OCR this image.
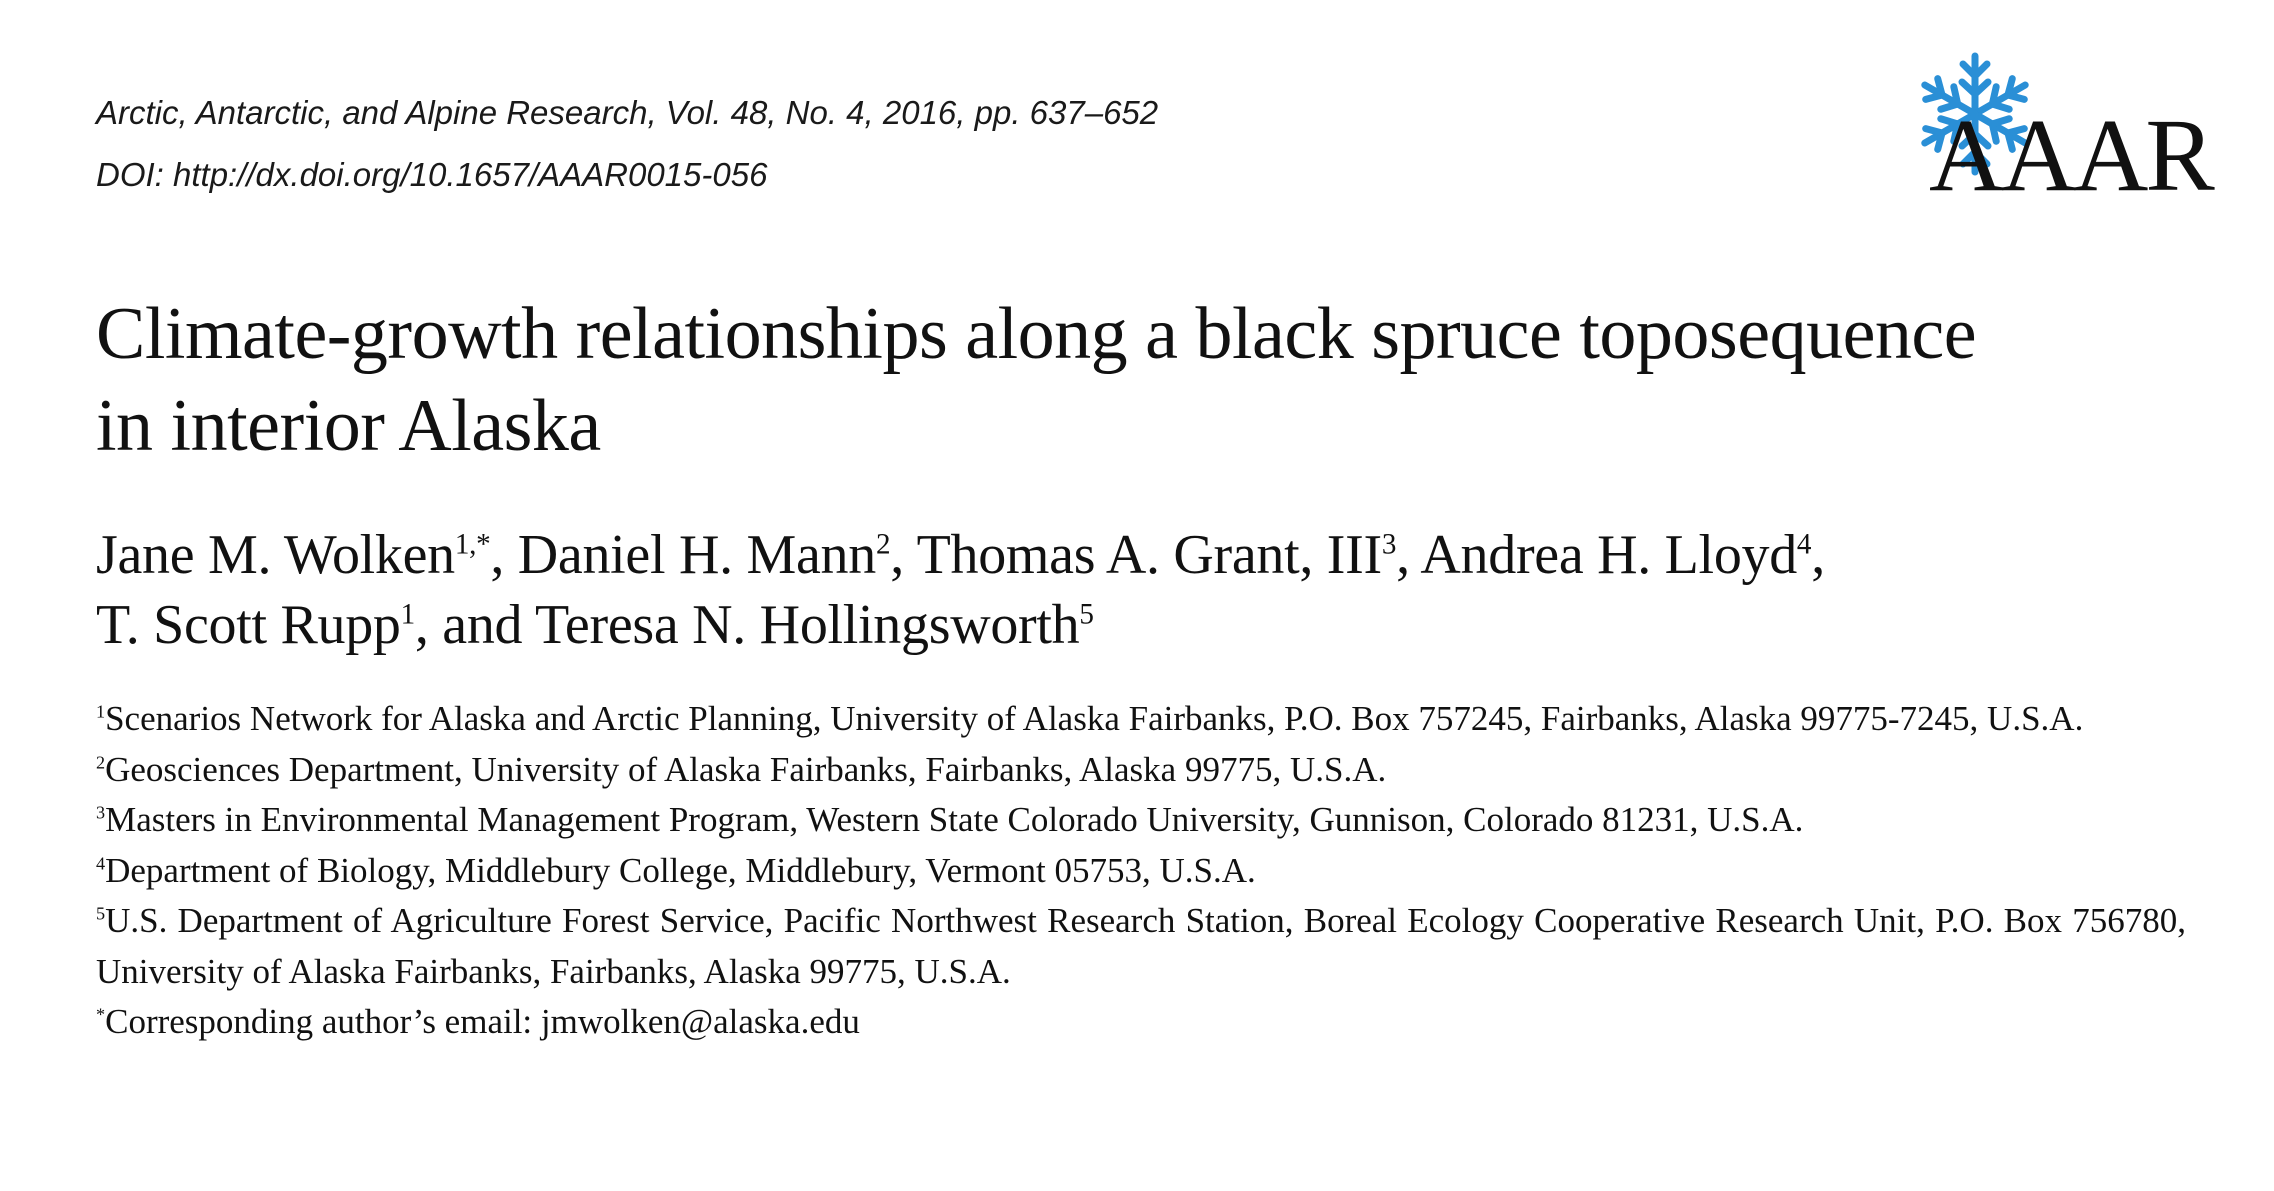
Arctic, Antarctic, and Alpine Research, Vol. 48, No. 4, 2016, pp. 637–652
DOI: http://dx.doi.org/10.1657/AAAR0015-056	AAAR
Climate-growth relationships along a black spruce toposequence
in interior Alaska
Jane M. Wolken$^{1,*}$, Daniel H. Mann$^2$, Thomas A. Grant, III$^3$, Andrea H. Lloyd$^4$,
T. Scott Rupp$^1$, and Teresa N. Hollingsworth$^5$

$^1$Scenarios Network for Alaska and Arctic Planning, University of Alaska Fairbanks, P.O. Box 757245, Fairbanks, Alaska 99775-7245, U.S.A.

$^2$Geosciences Department, University of Alaska Fairbanks, Fairbanks, Alaska 99775, U.S.A.

$^3$Masters in Environmental Management Program, Western State Colorado University, Gunnison, Colorado 81231, U.S.A.

$^4$Department of Biology, Middlebury College, Middlebury, Vermont 05753, U.S.A.

$^5$U.S. Department of Agriculture Forest Service, Pacific Northwest Research Station, Boreal Ecology Cooperative Research Unit, P.O. Box 756780, University of Alaska Fairbanks, Fairbanks, Alaska 99775, U.S.A.

*Corresponding author’s email: jmwolken@alaska.edu
